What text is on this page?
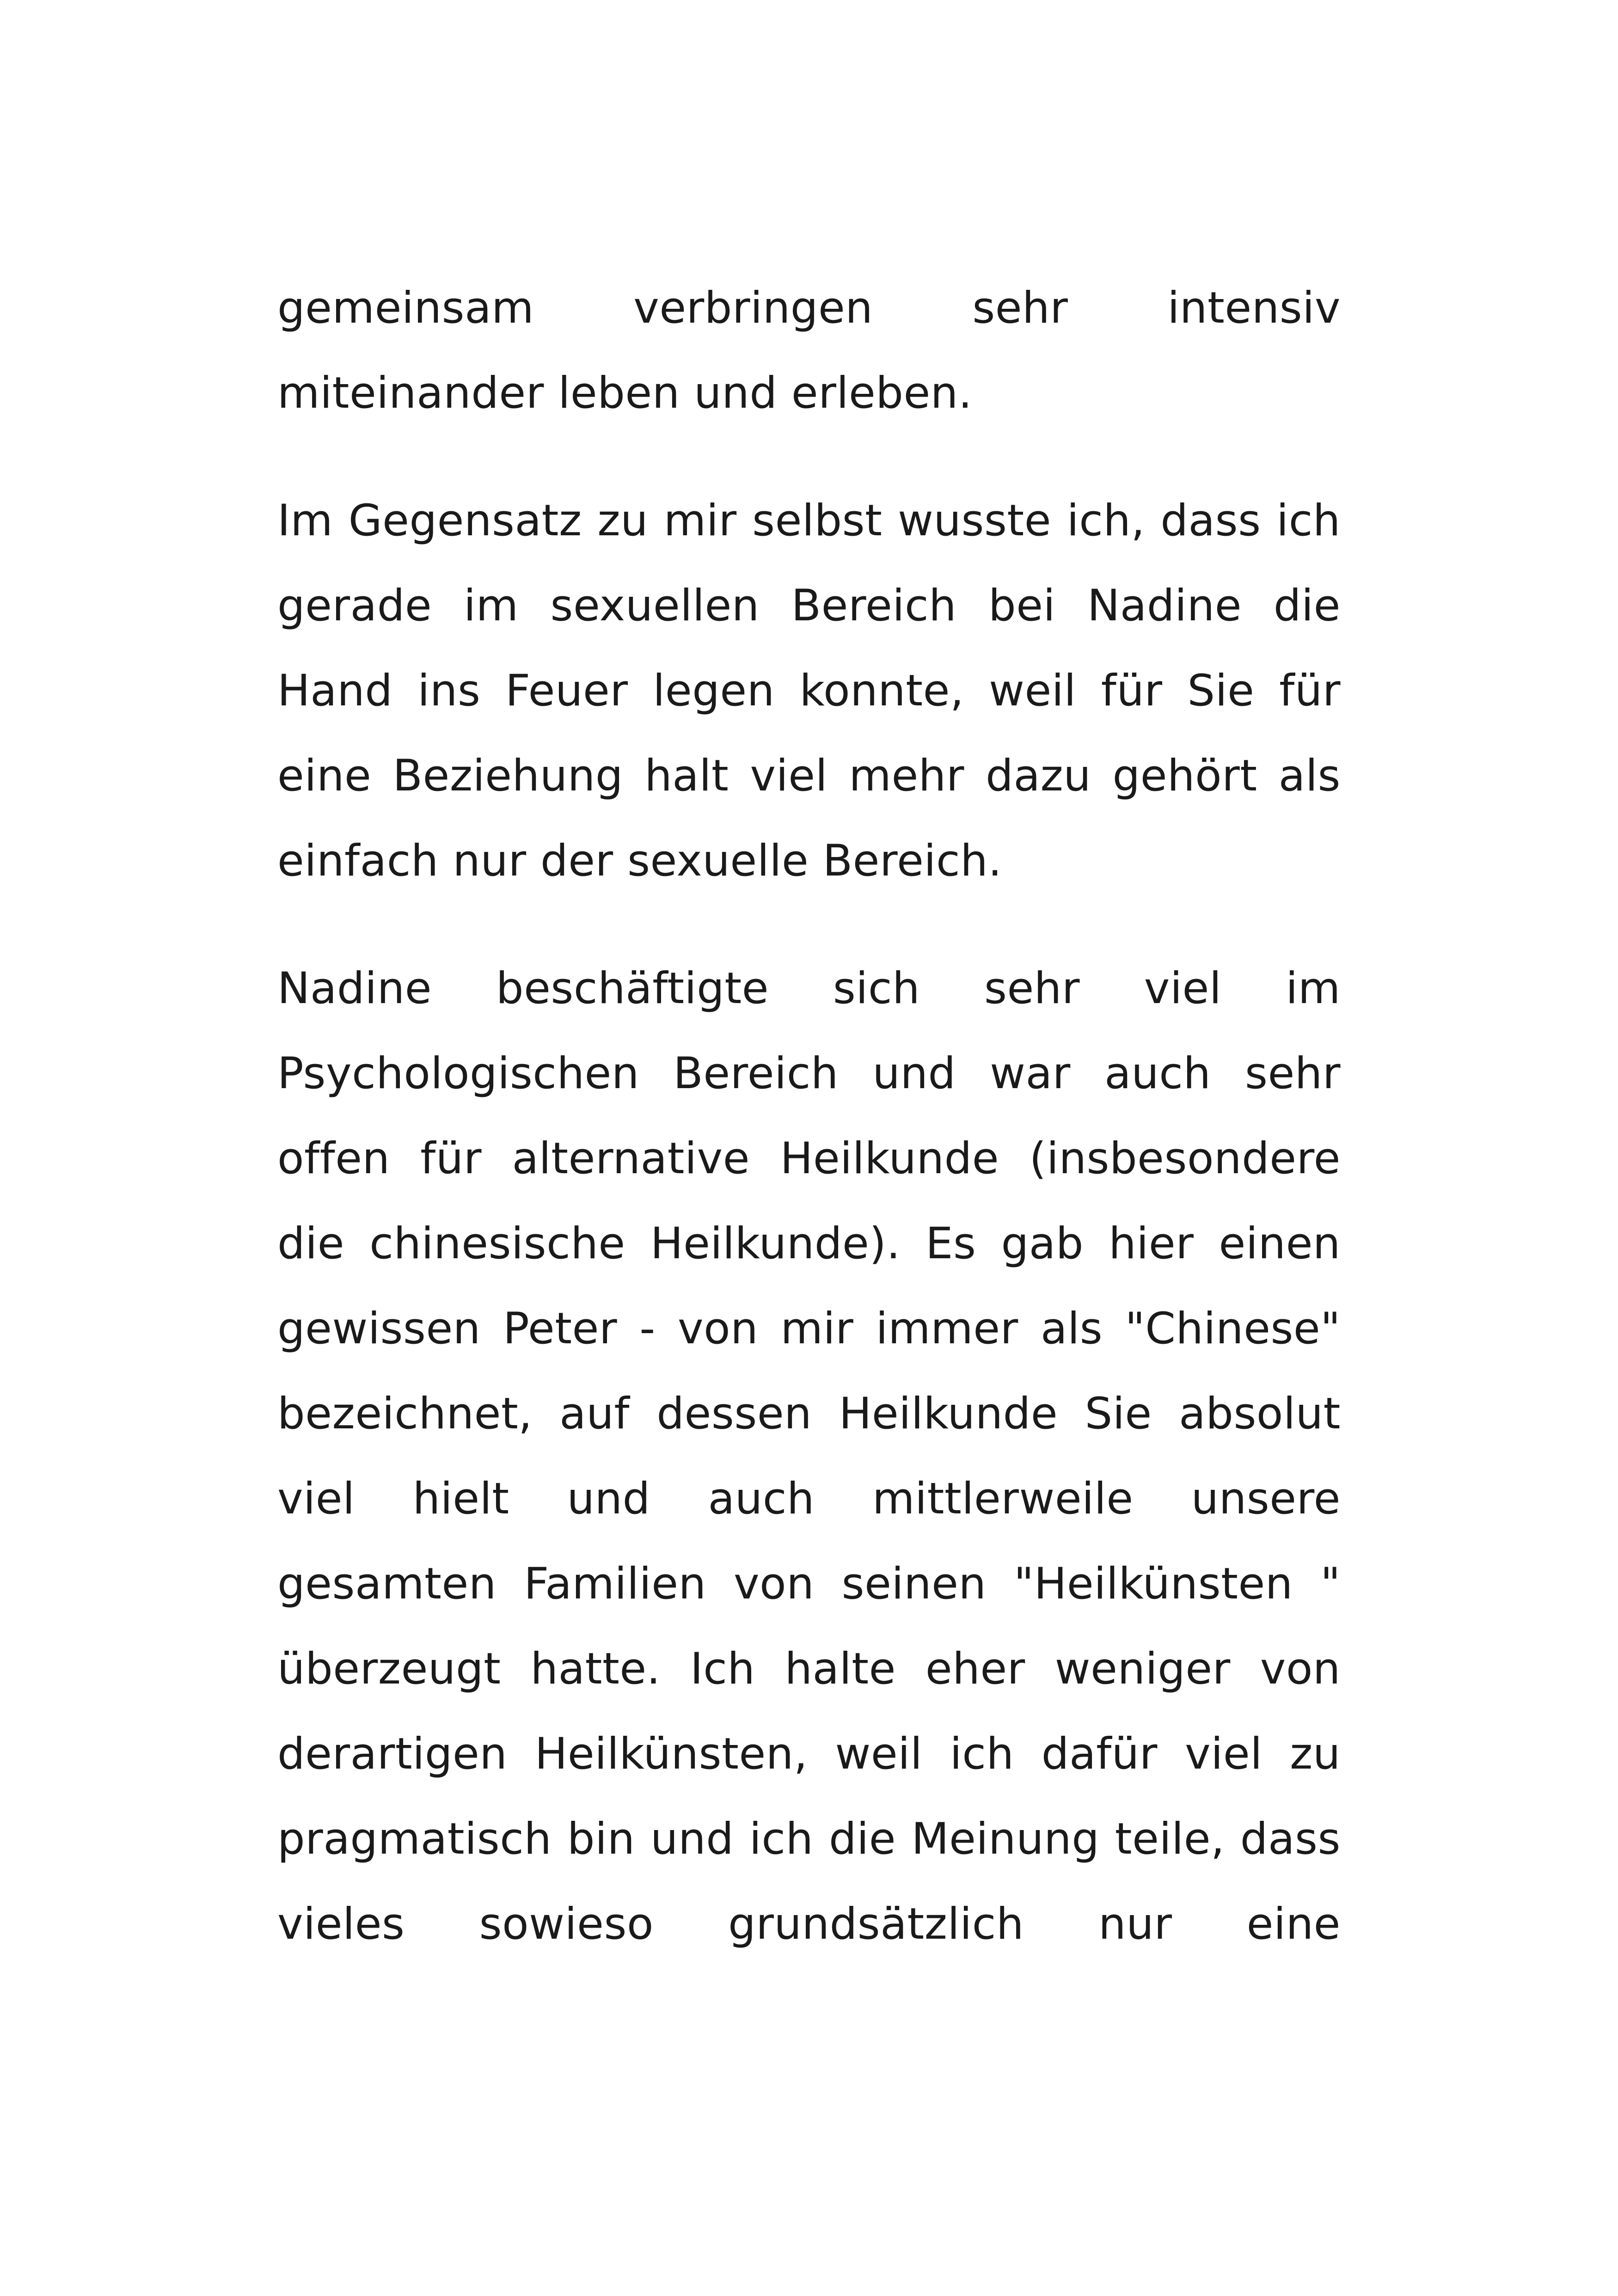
gemeinsam verbringen sehr intensiv miteinander leben und erleben.

Im Gegensatz zu mir selbst wusste ich, dass ich gerade im sexuellen Bereich bei Nadine die Hand ins Feuer legen konnte, weil für Sie für eine Beziehung halt viel mehr dazu gehört als einfach nur der sexuelle Bereich.

Nadine beschäftigte sich sehr viel im Psychologischen Bereich und war auch sehr offen für alternative Heilkunde (insbesondere die chinesische Heilkunde). Es gab hier einen gewissen Peter - von mir immer als "Chinese" bezeichnet, auf dessen Heilkunde Sie absolut viel hielt und auch mittlerweile unsere gesamten Familien von seinen "Heilkünsten " überzeugt hatte. Ich halte eher weniger von derartigen Heilkünsten, weil ich dafür viel zu pragmatisch bin und ich die Meinung teile, dass vieles sowieso grundsätzlich nur eine
